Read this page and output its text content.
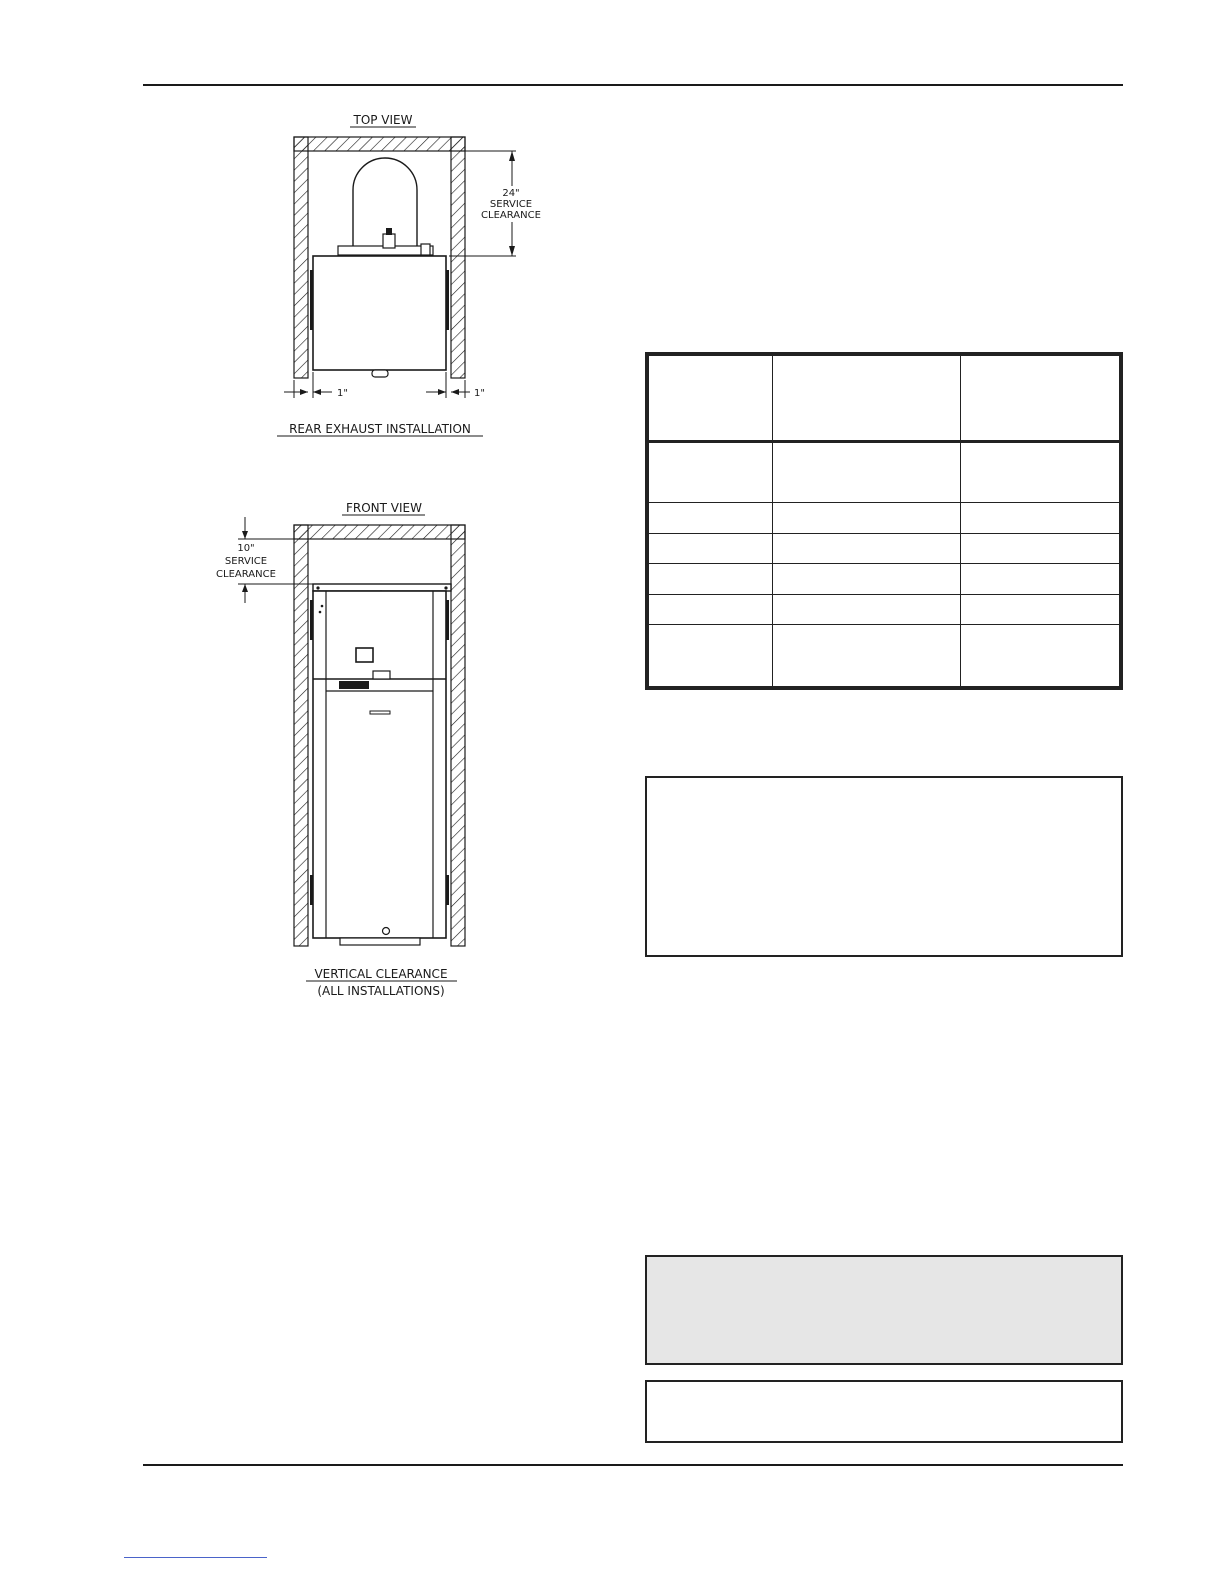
TOP VIEW
24"
SERVICE
CLEARANCE
1"	1"
REAR EXHAUST INSTALLATION
FRONT VIEW
10"
SERVICE
CLEARANCE
VERTICAL CLEARANCE
(ALL INSTALLATIONS)
